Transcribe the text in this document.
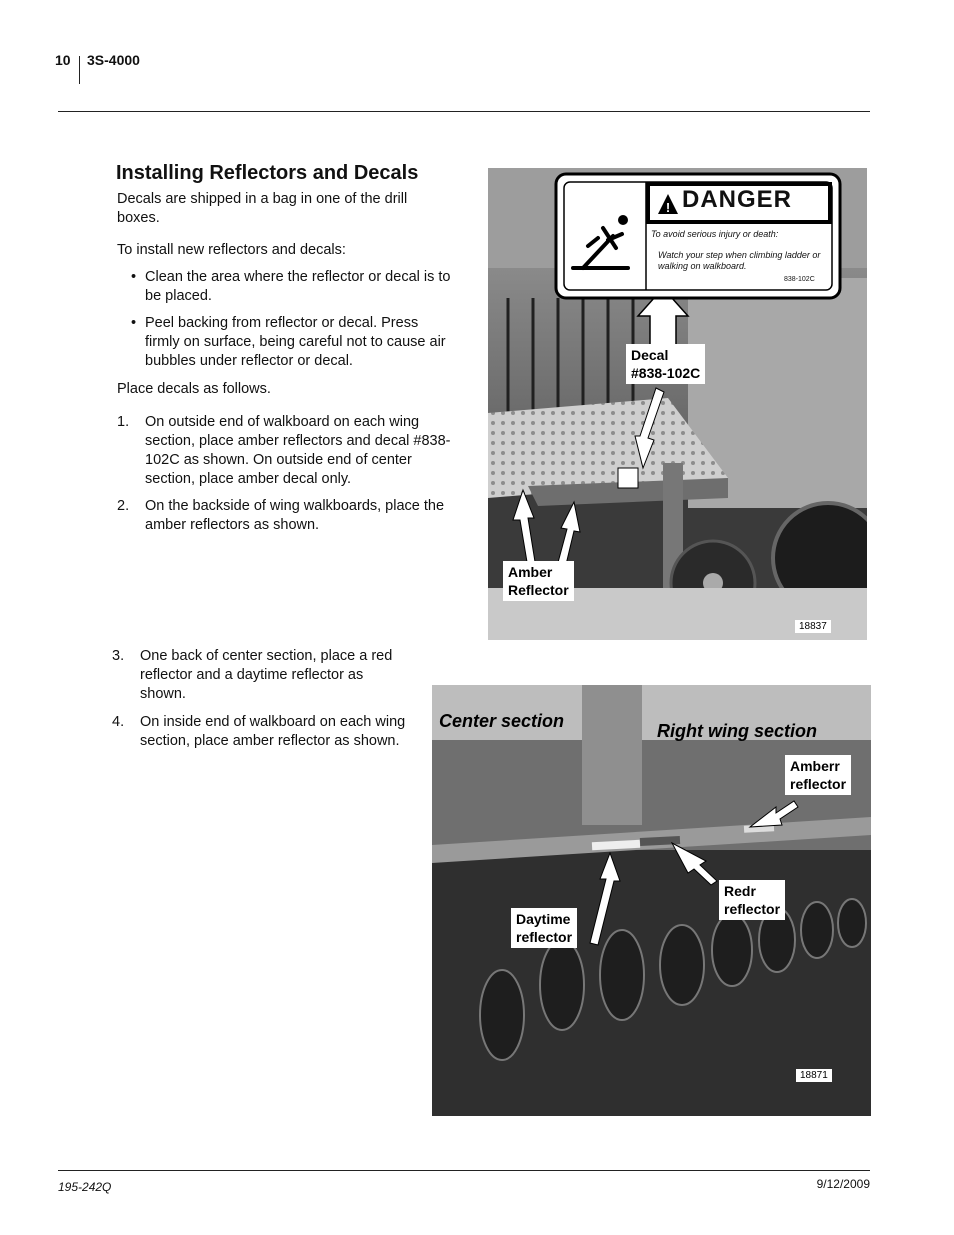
10 3S-4000
Installing Reflectors and Decals
Decals are shipped in a bag in one of the drill boxes.
To install new reflectors and decals:
• Clean the area where the reflector or decal is to be placed.
• Peel backing from reflector or decal. Press firmly on surface, being careful not to cause air bubbles under reflector or decal.
Place decals as follows.
1. On outside end of walkboard on each wing section, place amber reflectors and decal #838-102C as shown. On outside end of center section, place amber decal only.
2. On the backside of wing walkboards, place the amber reflectors as shown.
3. One back of center section, place a red reflector and a daytime reflector as shown.
4. On inside end of walkboard on each wing section, place amber reflector as shown.
! DANGER
To avoid serious injury or death:
Watch your step when climbing ladder or walking on walkboard.
838-102C
Decal
#838-102C
Amber
Reflector
18837
Center section	Right wing section
Amberr
reflector
Redr
reflector
Daytime
reflector
18871
195-242Q	9/12/2009
